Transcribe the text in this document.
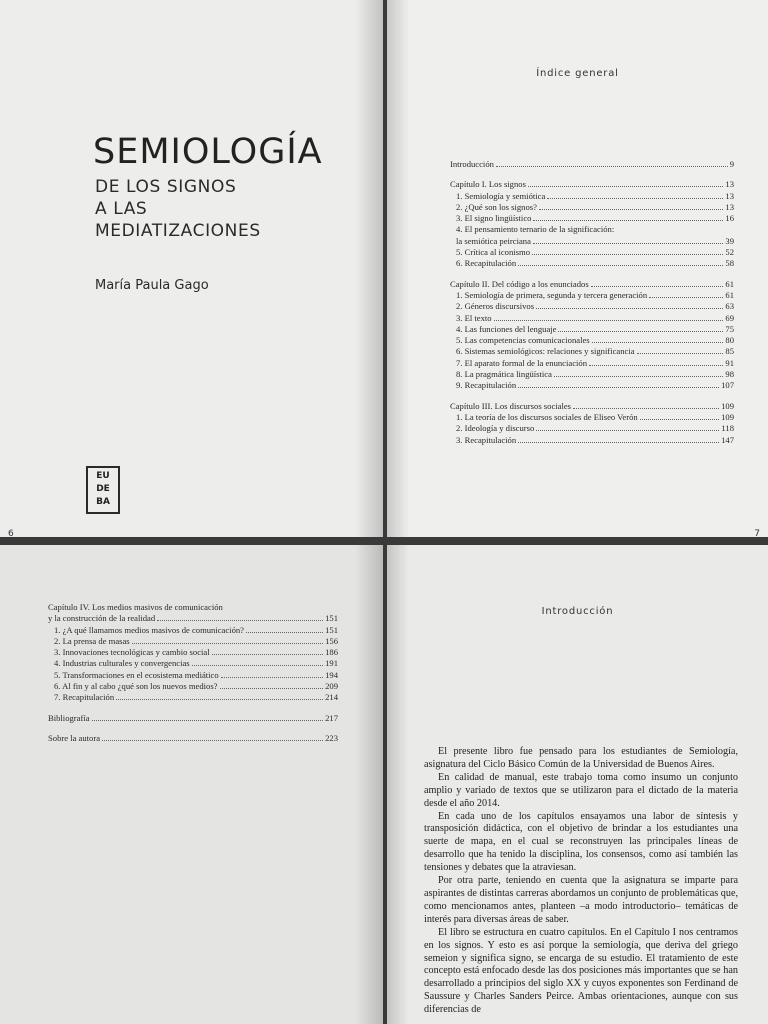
SEMIOLOGÍA
DE LOS SIGNOS
A LAS
MEDIATIZACIONES
María Paula Gago
EU
DE
BA
6
Índice general
Introducción	9
Capítulo I. Los signos	13
1. Semiología y semiótica	13
2. ¿Qué son los signos?	13
3. El signo lingüístico	16
4. El pensamiento ternario de la significación:
la semiótica peirciana	39
5. Crítica al iconismo	52
6. Recapitulación	58
Capítulo II. Del código a los enunciados	61
1. Semiología de primera, segunda y tercera generación	61
2. Géneros discursivos	63
3. El texto	69
4. Las funciones del lenguaje	75
5. Las competencias comunicacionales	80
6. Sistemas semiológicos: relaciones y significancia	85
7. El aparato formal de la enunciación	91
8. La pragmática lingüística	98
9. Recapitulación	107
Capítulo III. Los discursos sociales	109
1. La teoría de los discursos sociales de Eliseo Verón	109
2. Ideología y discurso	118
3. Recapitulación	147
7
Capítulo IV. Los medios masivos de comunicación
y la construcción de la realidad	151
1. ¿A qué llamamos medios masivos de comunicación?	151
2. La prensa de masas	156
3. Innovaciones tecnológicas y cambio social	186
4. Industrias culturales y convergencias	191
5. Transformaciones en el ecosistema mediático	194
6. Al fin y al cabo ¿qué son los nuevos medios?	209
7. Recapitulación	214
Bibliografía	217
Sobre la autora	223
Introducción

El presente libro fue pensado para los estudiantes de Semiología, asignatura del Ciclo Básico Común de la Universidad de Buenos Aires.

En calidad de manual, este trabajo toma como insumo un conjunto amplio y variado de textos que se utilizaron para el dictado de la materia desde el año 2014.

En cada uno de los capítulos ensayamos una labor de síntesis y transposición didáctica, con el objetivo de brindar a los estudiantes una suerte de mapa, en el cual se reconstruyen las principales líneas de desarrollo que ha tenido la disciplina, los consensos, como así también las tensiones y debates que la atraviesan.

Por otra parte, teniendo en cuenta que la asignatura se imparte para aspirantes de distintas carreras abordamos un conjunto de problemáticas que, como mencionamos antes, planteen –a modo introductorio– temáticas de interés para diversas áreas de saber.

El libro se estructura en cuatro capítulos. En el Capítulo I nos centramos en los signos. Y esto es así porque la semiología, que deriva del griego semeion y significa signo, se encarga de su estudio. El tratamiento de este concepto está enfocado desde las dos posiciones más importantes que se han desarrollado a principios del siglo XX y cuyos exponentes son Ferdinand de Saussure y Charles Sanders Peirce. Ambas orientaciones, aunque con sus diferencias de
